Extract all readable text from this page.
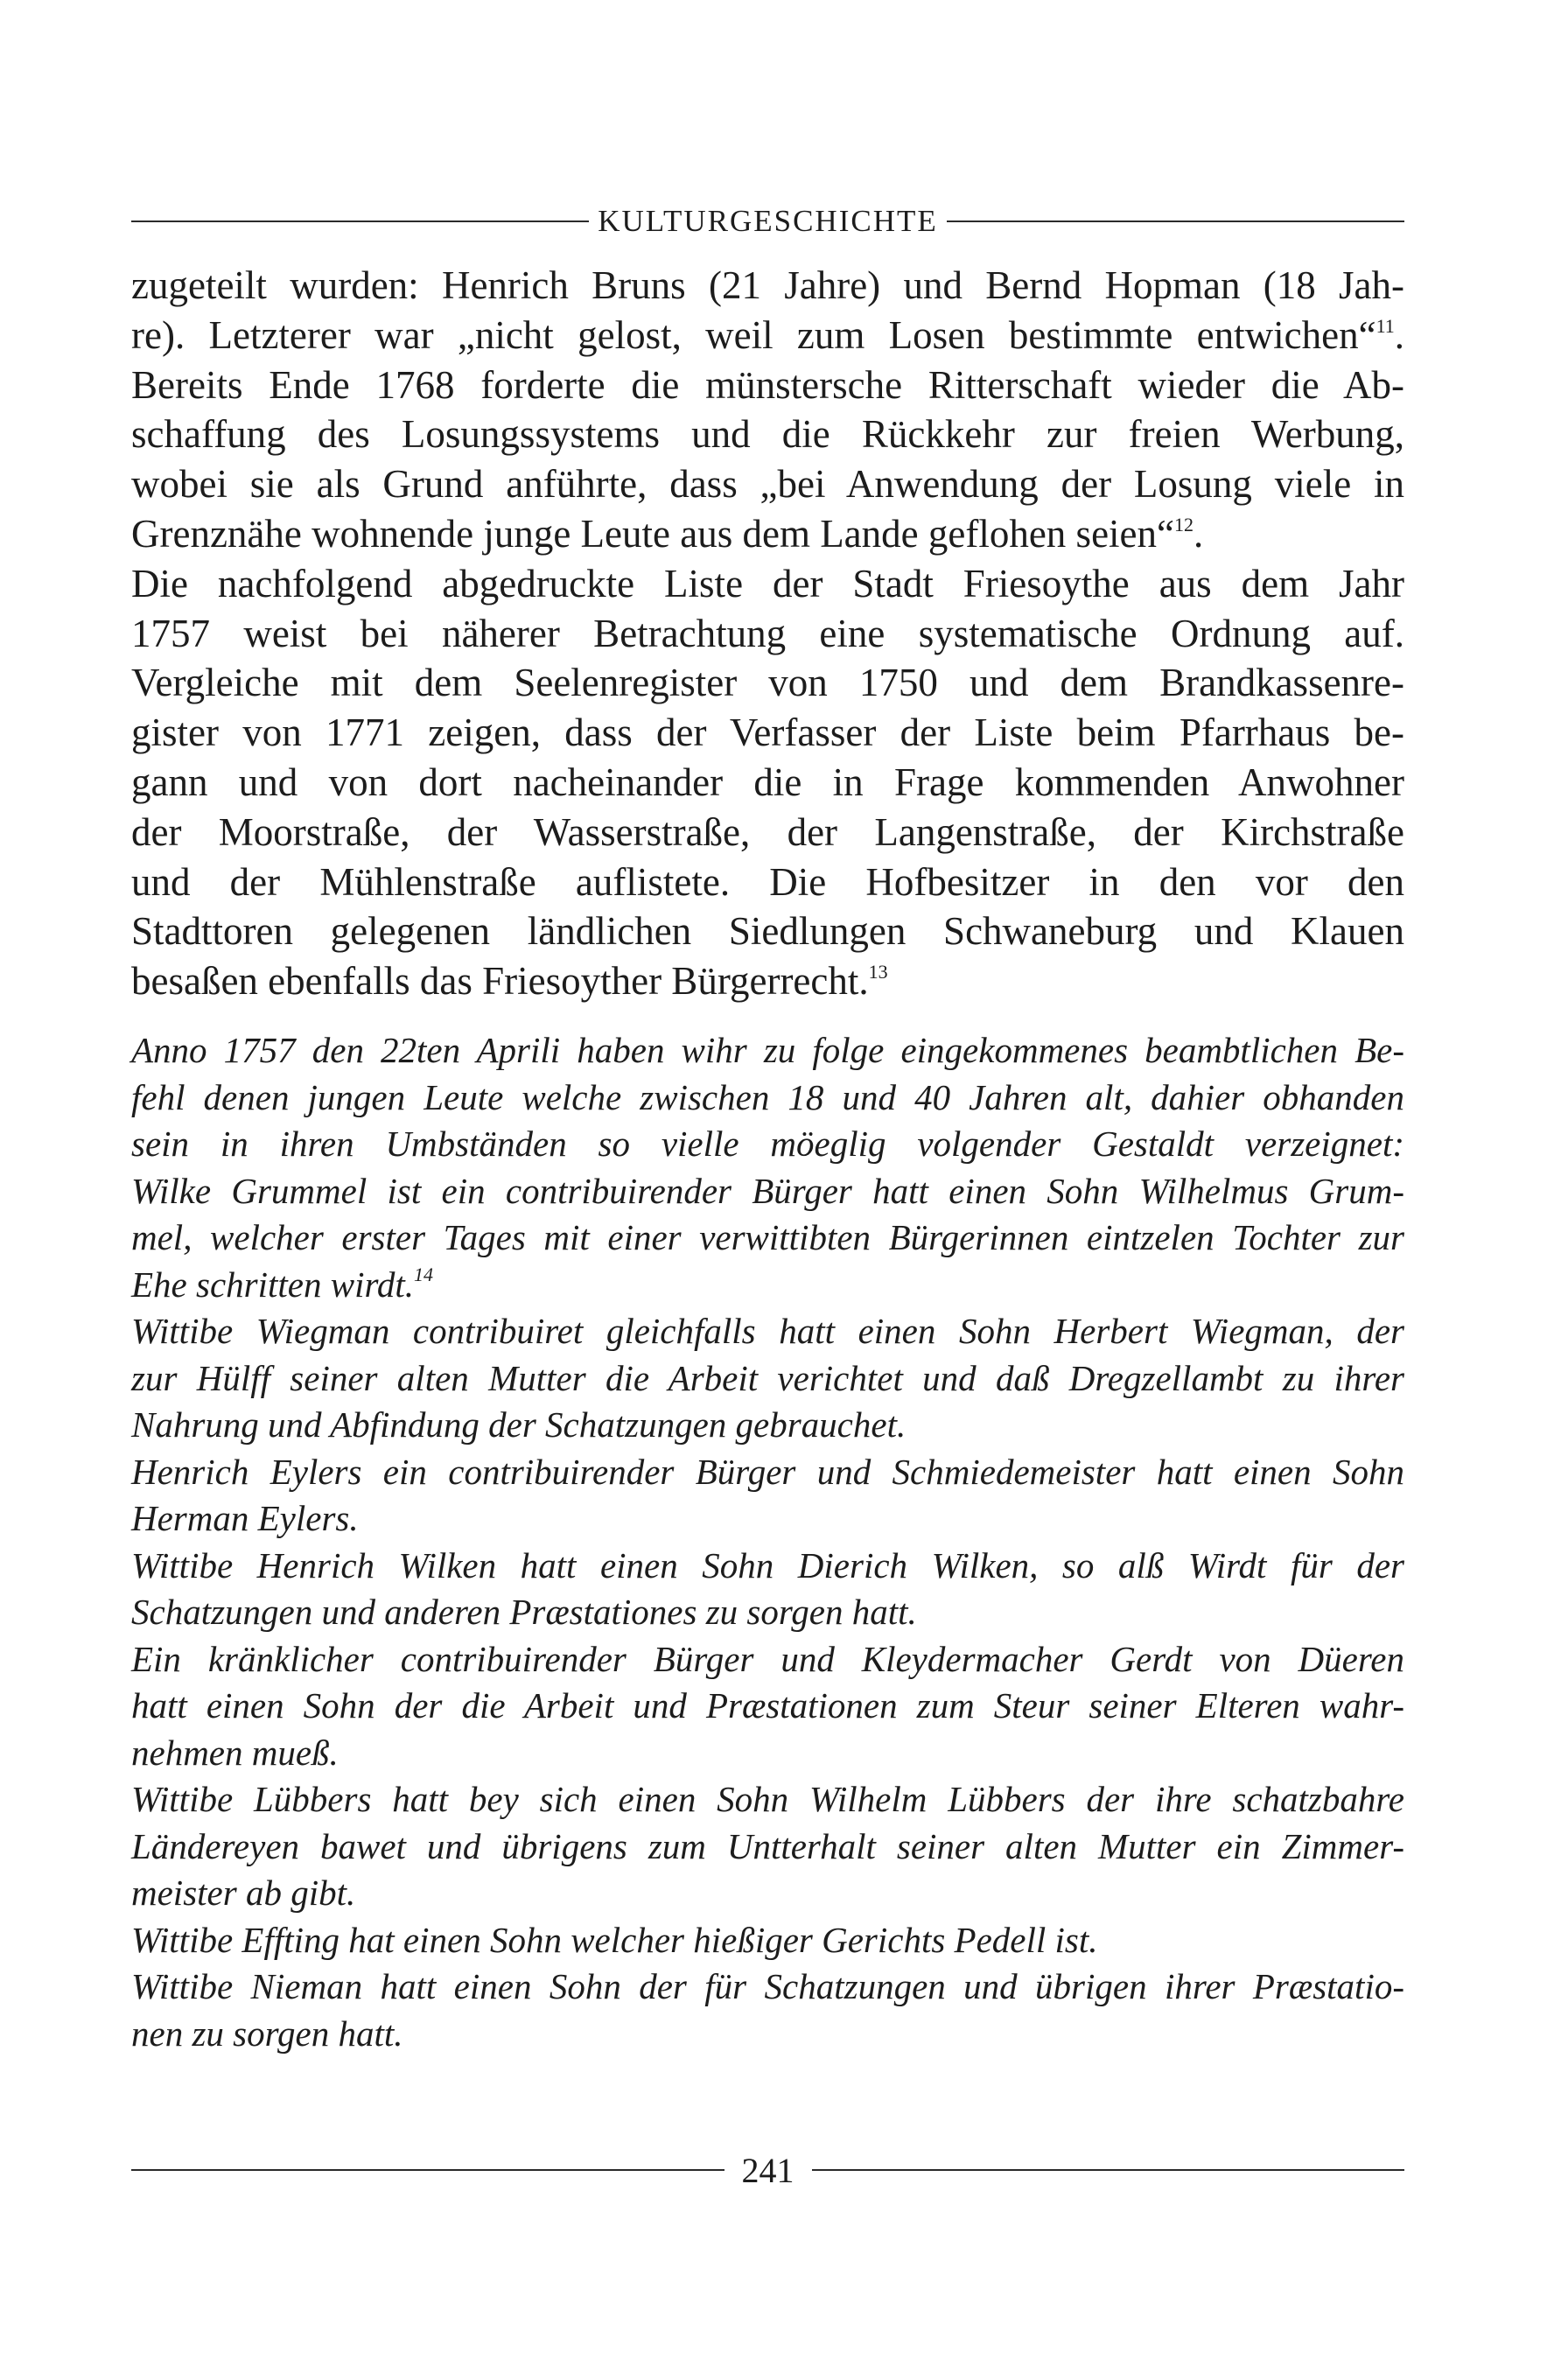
KULTURGESCHICHTE
zugeteilt wurden: Henrich Bruns (21 Jahre) und Bernd Hopman (18 Jah-
re). Letzterer war „nicht gelost, weil zum Losen bestimmte entwichen“$^{11}$.
Bereits Ende 1768 forderte die münstersche Ritterschaft wieder die Ab-
schaffung des Losungssystems und die Rückkehr zur freien Werbung,
wobei sie als Grund anführte, dass „bei Anwendung der Losung viele in
Grenznähe wohnende junge Leute aus dem Lande geflohen seien“$^{12}$.
Die nachfolgend abgedruckte Liste der Stadt Friesoythe aus dem Jahr
1757 weist bei näherer Betrachtung eine systematische Ordnung auf.
Vergleiche mit dem Seelenregister von 1750 und dem Brandkassenre-
gister von 1771 zeigen, dass der Verfasser der Liste beim Pfarrhaus be-
gann und von dort nacheinander die in Frage kommenden Anwohner
der Moorstraße, der Wasserstraße, der Langenstraße, der Kirchstraße
und der Mühlenstraße auflistete. Die Hofbesitzer in den vor den
Stadttoren gelegenen ländlichen Siedlungen Schwaneburg und Klauen
besaßen ebenfalls das Friesoyther Bürgerrecht.$^{13}$
Anno 1757 den 22ten Aprili haben wihr zu folge eingekommenes beambtlichen Be-
fehl denen jungen Leute welche zwischen 18 und 40 Jahren alt, dahier obhanden
sein in ihren Umbständen so vielle möeglig volgender Gestaldt verzeignet:
Wilke Grummel ist ein contribuirender Bürger hatt einen Sohn Wilhelmus Grum-
mel, welcher erster Tages mit einer verwittibten Bürgerinnen eintzelen Tochter zur
Ehe schritten wirdt.$^{14}$
Wittibe Wiegman contribuiret gleichfalls hatt einen Sohn Herbert Wiegman, der
zur Hülff seiner alten Mutter die Arbeit verichtet und daß Dregzellambt zu ihrer
Nahrung und Abfindung der Schatzungen gebrauchet.
Henrich Eylers ein contribuirender Bürger und Schmiedemeister hatt einen Sohn
Herman Eylers.
Wittibe Henrich Wilken hatt einen Sohn Dierich Wilken, so alß Wirdt für der
Schatzungen und anderen Præstationes zu sorgen hatt.
Ein kränklicher contribuirender Bürger und Kleydermacher Gerdt von Düeren
hatt einen Sohn der die Arbeit und Præstationen zum Steur seiner Elteren wahr-
nehmen mueß.
Wittibe Lübbers hatt bey sich einen Sohn Wilhelm Lübbers der ihre schatzbahre
Ländereyen bawet und übrigens zum Untterhalt seiner alten Mutter ein Zimmer-
meister ab gibt.
Wittibe Effting hat einen Sohn welcher hießiger Gerichts Pedell ist.
Wittibe Nieman hatt einen Sohn der für Schatzungen und übrigen ihrer Præstatio-
nen zu sorgen hatt.
241
